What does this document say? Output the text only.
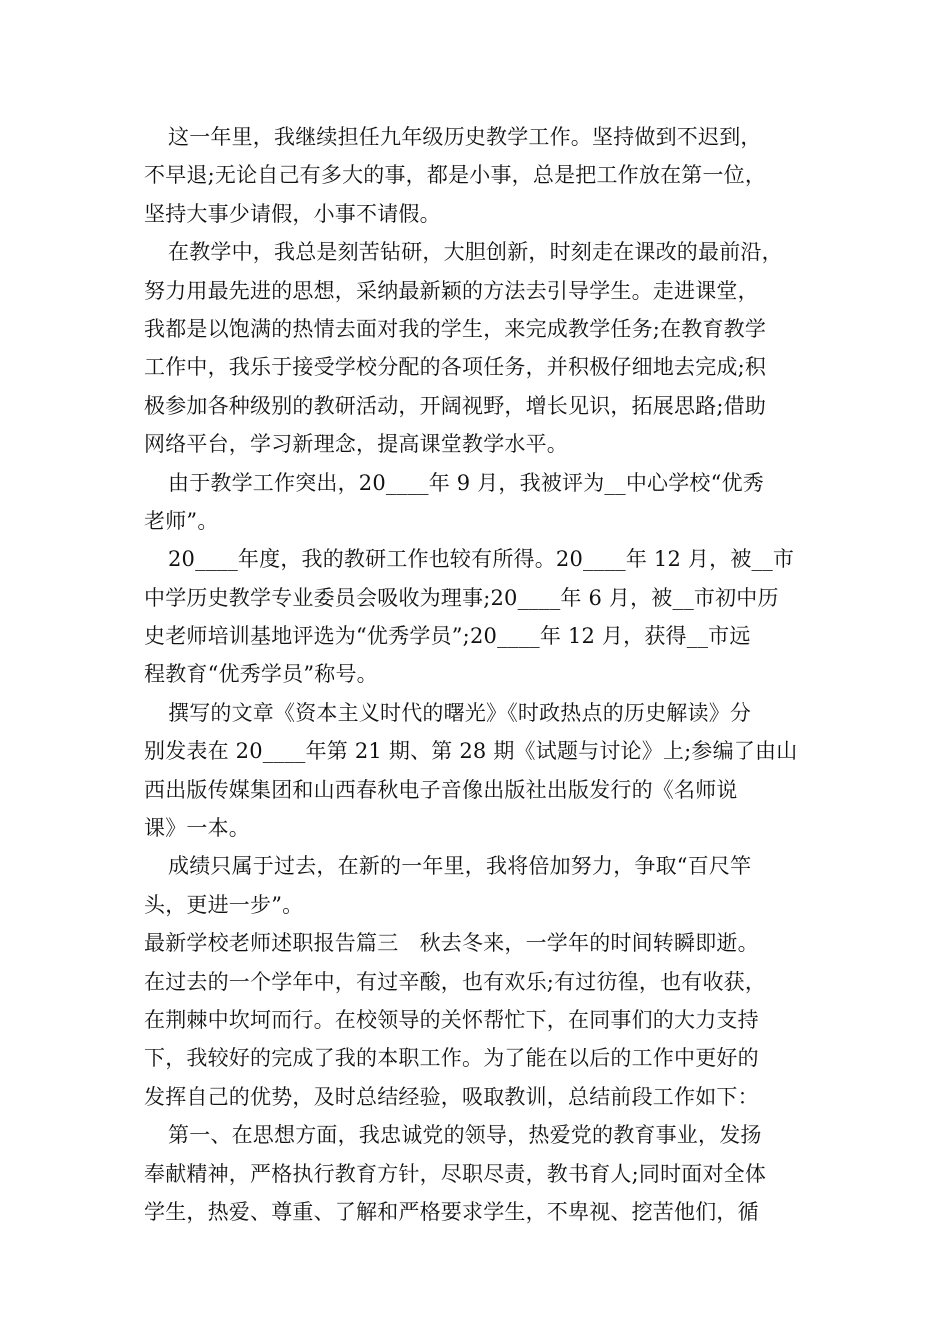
这一年里，我继续担任九年级历史教学工作。坚持做到不迟到，
不早退;无论自己有多大的事，都是小事，总是把工作放在第一位，
坚持大事少请假，小事不请假。
在教学中，我总是刻苦钻研，大胆创新，时刻走在课改的最前沿，
努力用最先进的思想，采纳最新颖的方法去引导学生。走进课堂，
我都是以饱满的热情去面对我的学生，来完成教学任务;在教育教学
工作中，我乐于接受学校分配的各项任务，并积极仔细地去完成;积
极参加各种级别的教研活动，开阔视野，增长见识，拓展思路;借助
网络平台，学习新理念，提高课堂教学水平。
由于教学工作突出，20____年 9 月，我被评为__中心学校“优秀
老师”。
20____年度，我的教研工作也较有所得。20____年 12 月，被__市
中学历史教学专业委员会吸收为理事;20____年 6 月，被__市初中历
史老师培训基地评选为“优秀学员”;20____年 12 月，获得__市远
程教育“优秀学员”称号。
撰写的文章《资本主义时代的曙光》《时政热点的历史解读》分
别发表在 20____年第 21 期、第 28 期《试题与讨论》上;参编了由山
西出版传媒集团和山西春秋电子音像出版社出版发行的《名师说
课》一本。
成绩只属于过去，在新的一年里，我将倍加努力，争取“百尺竿
头，更进一步”。
最新学校老师述职报告篇三　秋去冬来，一学年的时间转瞬即逝。
在过去的一个学年中，有过辛酸，也有欢乐;有过彷徨，也有收获，
在荆棘中坎坷而行。在校领导的关怀帮忙下，在同事们的大力支持
下，我较好的完成了我的本职工作。为了能在以后的工作中更好的
发挥自己的优势，及时总结经验，吸取教训，总结前段工作如下：
第一、在思想方面，我忠诚党的领导，热爱党的教育事业，发扬
奉献精神，严格执行教育方针，尽职尽责，教书育人;同时面对全体
学生，热爱、尊重、了解和严格要求学生，不卑视、挖苦他们，循
